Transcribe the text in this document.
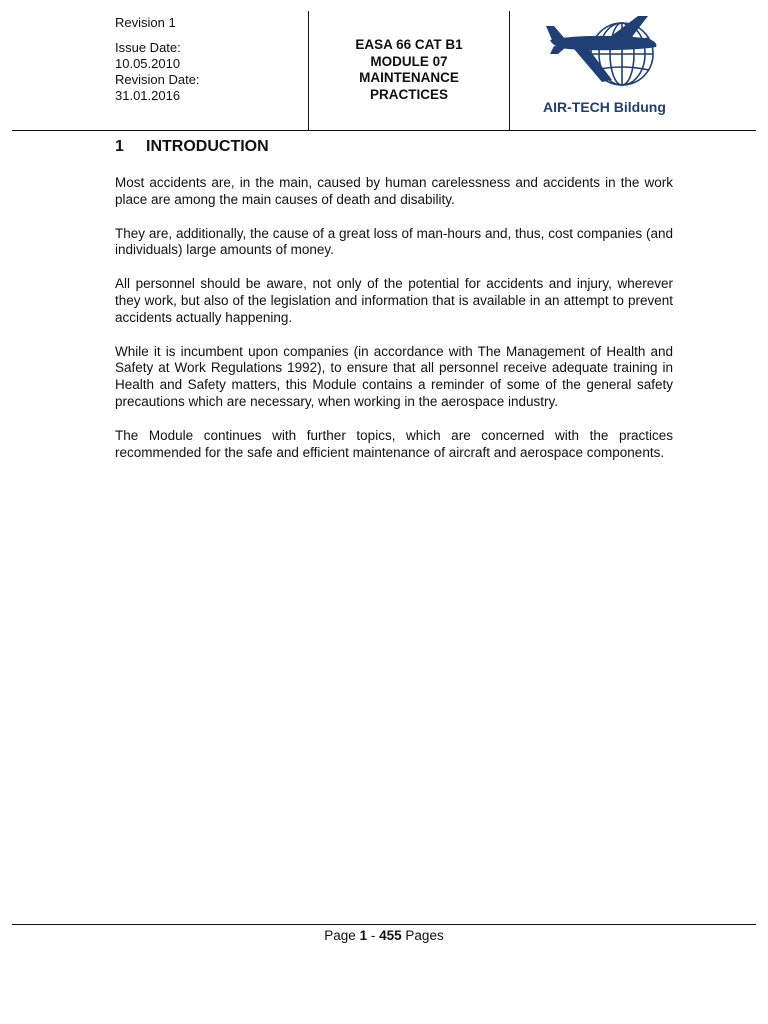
Revision 1
Issue Date:
10.05.2010
Revision Date:
31.01.2016
EASA 66 CAT B1
MODULE 07
MAINTENANCE
PRACTICES
AIR-TECH Bildung
1	INTRODUCTION

Most accidents are, in the main, caused by human carelessness and accidents in the work place are among the main causes of death and disability.

They are, additionally, the cause of a great loss of man-hours and, thus, cost companies (and individuals) large amounts of money.

All personnel should be aware, not only of the potential for accidents and injury, wherever they work, but also of the legislation and information that is available in an attempt to prevent accidents actually happening.

While it is incumbent upon companies (in accordance with The Management of Health and Safety at Work Regulations 1992), to ensure that all personnel receive adequate training in Health and Safety matters, this Module contains a reminder of some of the general safety precautions which are necessary, when working in the aerospace industry.

The Module continues with further topics, which are concerned with the practices recommended for the safe and efficient maintenance of aircraft and aerospace components.

Page 1 - 455 Pages
